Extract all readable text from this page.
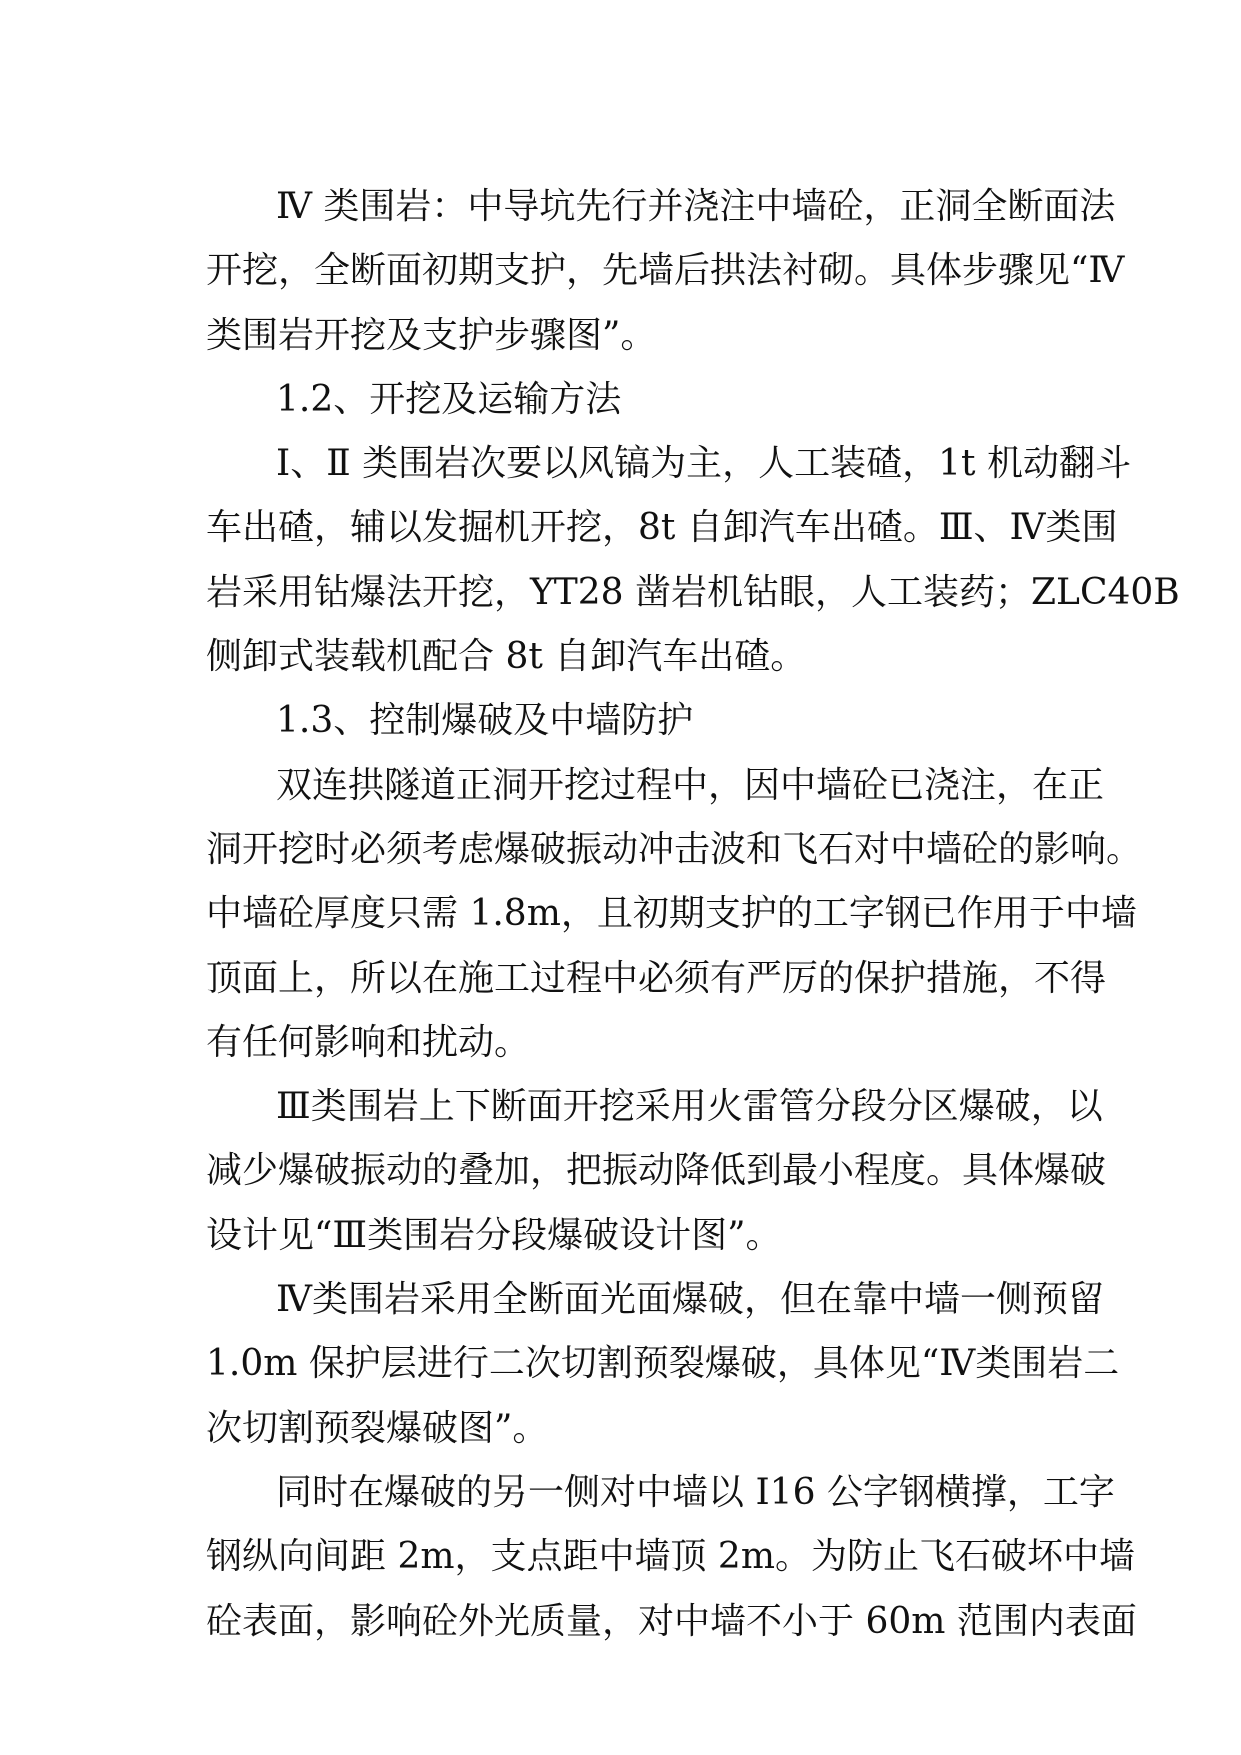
Ⅳ 类围岩：中导坑先行并浇注中墙砼，正洞全断面法
开挖，全断面初期支护，先墙后拱法衬砌。具体步骤见“Ⅳ
类围岩开挖及支护步骤图”。
1.2、开挖及运输方法
Ⅰ、Ⅱ 类围岩次要以风镐为主，人工装碴，1t 机动翻斗
车出碴，辅以发掘机开挖，8t 自卸汽车出碴。Ⅲ、Ⅳ类围
岩采用钻爆法开挖，YT28 凿岩机钻眼，人工装药；ZLC40B
侧卸式装载机配合 8t 自卸汽车出碴。
1.3、控制爆破及中墙防护
双连拱隧道正洞开挖过程中，因中墙砼已浇注，在正
洞开挖时必须考虑爆破振动冲击波和飞石对中墙砼的影响。
中墙砼厚度只需 1.8m，且初期支护的工字钢已作用于中墙
顶面上，所以在施工过程中必须有严厉的保护措施，不得
有任何影响和扰动。
Ⅲ类围岩上下断面开挖采用火雷管分段分区爆破，以
减少爆破振动的叠加，把振动降低到最小程度。具体爆破
设计见“Ⅲ类围岩分段爆破设计图”。
Ⅳ类围岩采用全断面光面爆破，但在靠中墙一侧预留
1.0m 保护层进行二次切割预裂爆破，具体见“Ⅳ类围岩二
次切割预裂爆破图”。
同时在爆破的另一侧对中墙以 I16 公字钢横撑，工字
钢纵向间距 2m，支点距中墙顶 2m。为防止飞石破坏中墙
砼表面，影响砼外光质量，对中墙不小于 60m 范围内表面
